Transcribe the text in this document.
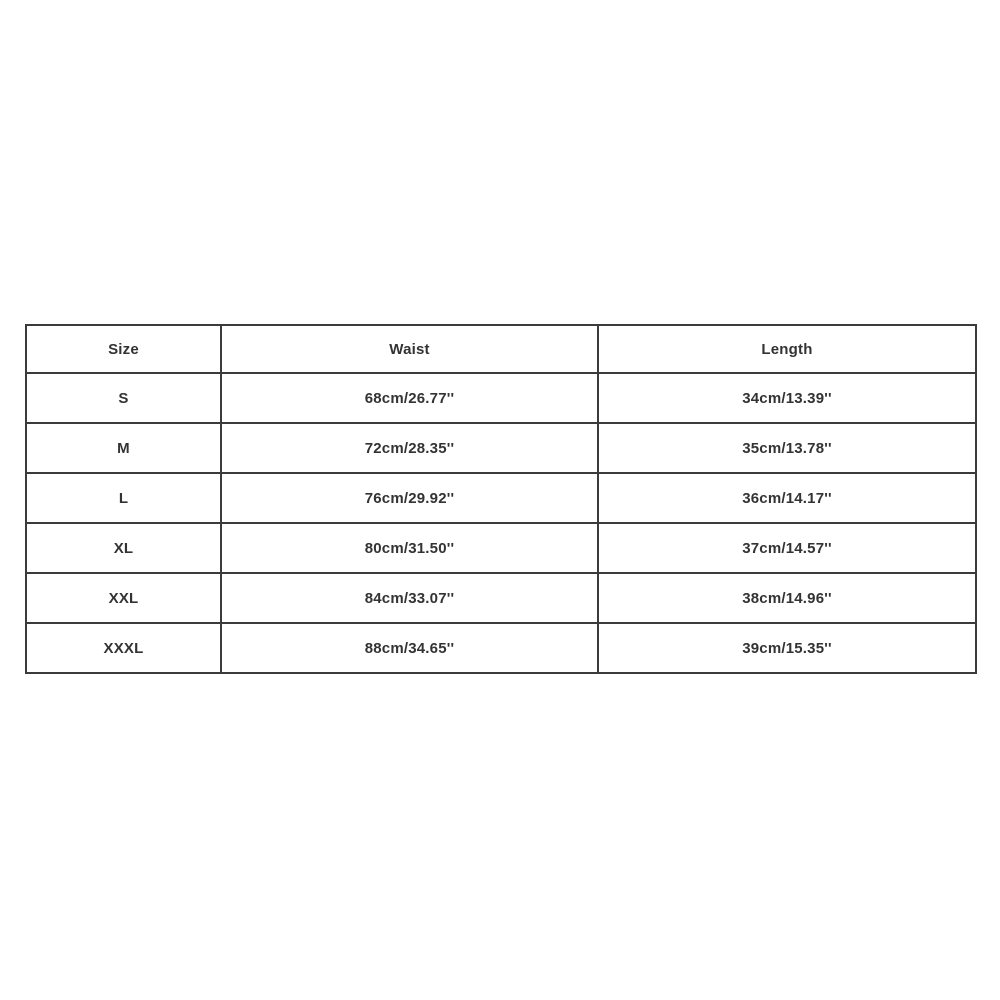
Size	Waist	Length
S	68cm/26.77''	34cm/13.39''
M	72cm/28.35''	35cm/13.78''
L	76cm/29.92''	36cm/14.17''
XL	80cm/31.50''	37cm/14.57''
XXL	84cm/33.07''	38cm/14.96''
XXXL	88cm/34.65''	39cm/15.35''
